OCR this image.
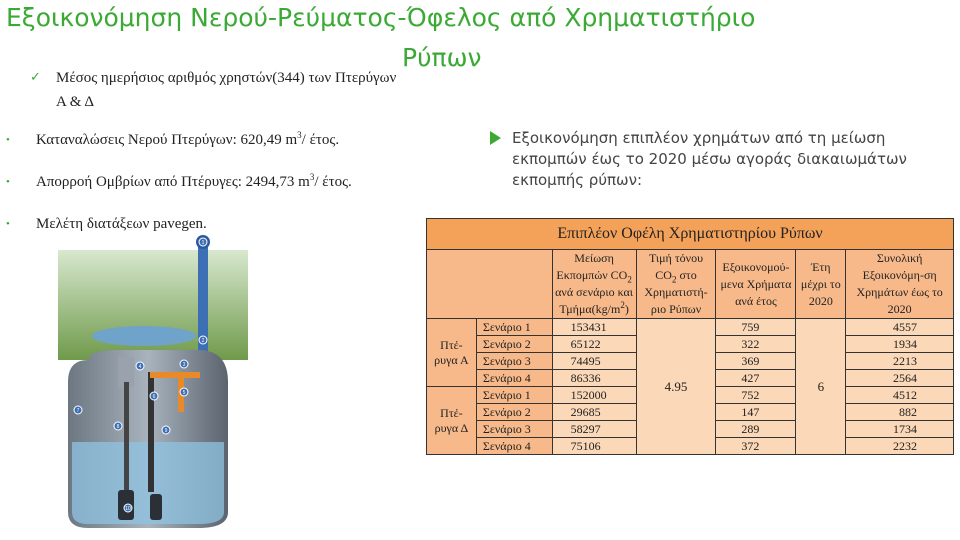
Εξοικονόμηση Νερού-Ρεύματος-Όφελος από Χρηματιστήριο
Ρύπων
✓ Μέσος ημερήσιος αριθμός χρηστών(344) των Πτερύγων Α & Δ
• Καταναλώσεις Νερού Πτερύγων: 620,49 $m^3/$ έτος.
• Απορροή Ομβρίων από Πτέρυγες: 2494,73 $m^3/$ έτος.
• Μελέτη διατάξεων pavegen.
Εξοικονόμηση επιπλέον χρημάτων από τη μείωση εκπομπών έως το 2020 μέσω αγοράς διακαιωμάτων εκπομπής ρύπων:
1
2
3
4
5
6
7
8
9
10
Επιπλέον Οφέλη Χρηματιστηρίου Ρύπων						
		Μείωση Εκπομπών $CO_2$ ανά σενάριο και $T\mu ή\mu\alpha(kg/m^2)$	Τιμή τόνου $CO_2$ στο Χρηματιστή-ριο Ρύπων	Εξοικονομού-μενα Χρήματα ανά έτος	Έτη μέχρι το 2020	Συνολική Εξοικονόμη-ση Χρημάτων έως το 2020
Πτέ-ρυγα Α	Σενάριο 1	153431	4.95	759	6	4557
	Σενάριο 2	65122		322		1934
	Σενάριο 3	74495		369		2213
	Σενάριο 4	86336		427		2564
Πτέ-ρυγα Δ	Σενάριο 1	152000		752		4512
	Σενάριο 2	29685		147		882
	Σενάριο 3	58297		289		1734
	Σενάριο 4	75106		372		2232
